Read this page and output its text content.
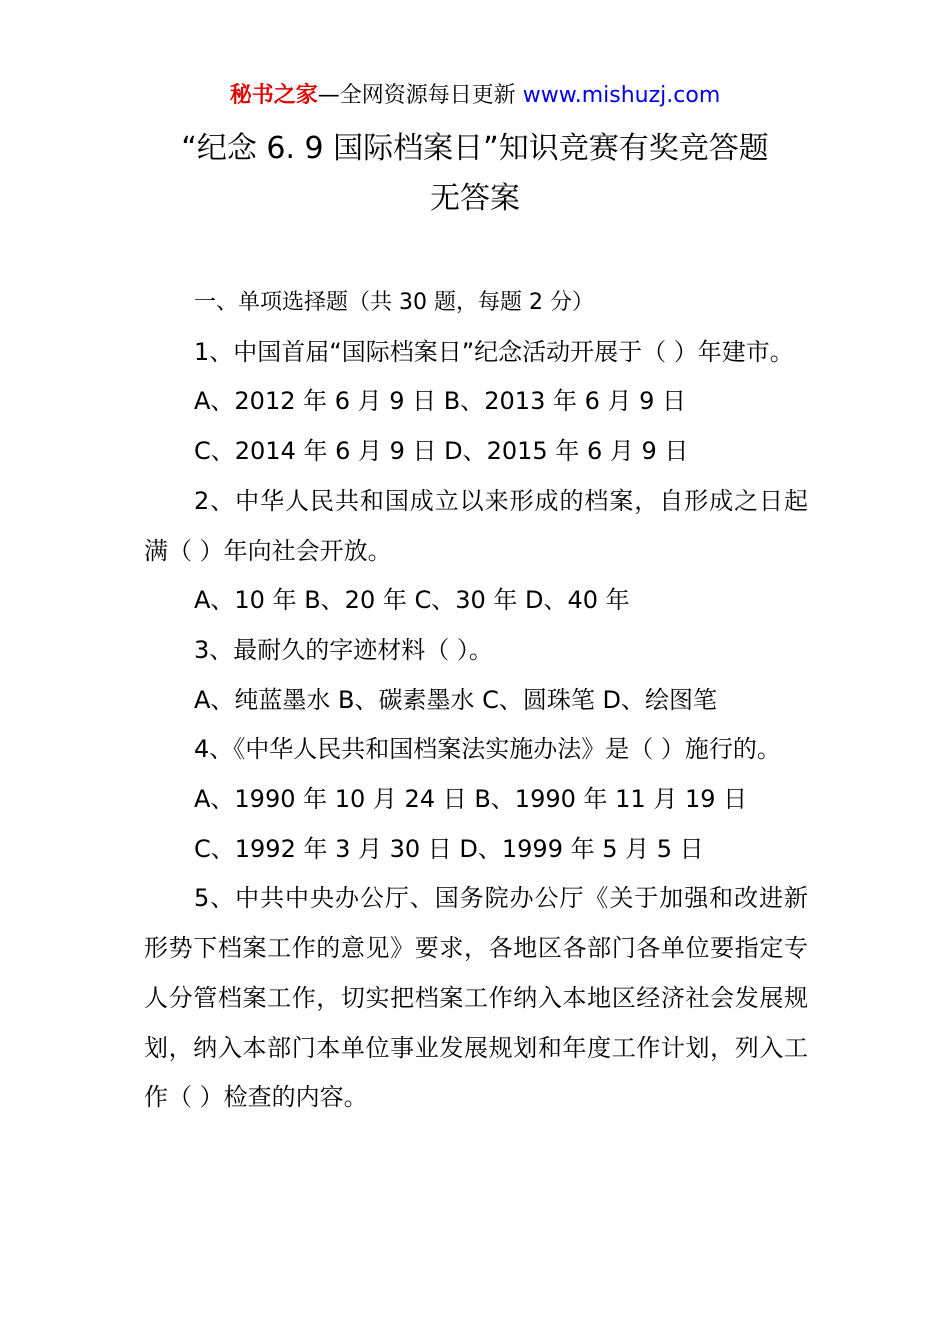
秘书之家—全网资源每日更新 www.mishuzj.com
“纪念 6. 9 国际档案日”知识竞赛有奖竞答题
无答案

一、单项选择题（共 30 题，每题 2 分）

1、中国首届“国际档案日”纪念活动开展于（ ）年建市。

A、2012 年 6 月 9 日 B、2013 年 6 月 9 日

C、2014 年 6 月 9 日 D、2015 年 6 月 9 日

2、中华人民共和国成立以来形成的档案，自形成之日起满（ ）年向社会开放。

A、10 年 B、20 年 C、30 年 D、40 年

3、最耐久的字迹材料（ ）。

A、纯蓝墨水 B、碳素墨水 C、圆珠笔 D、绘图笔

4、《中华人民共和国档案法实施办法》是（ ）施行的。

A、1990 年 10 月 24 日 B、1990 年 11 月 19 日

C、1992 年 3 月 30 日 D、1999 年 5 月 5 日

5、中共中央办公厅、国务院办公厅《关于加强和改进新形势下档案工作的意见》要求，各地区各部门各单位要指定专人分管档案工作，切实把档案工作纳入本地区经济社会发展规划，纳入本部门本单位事业发展规划和年度工作计划，列入工作（ ）检查的内容。
